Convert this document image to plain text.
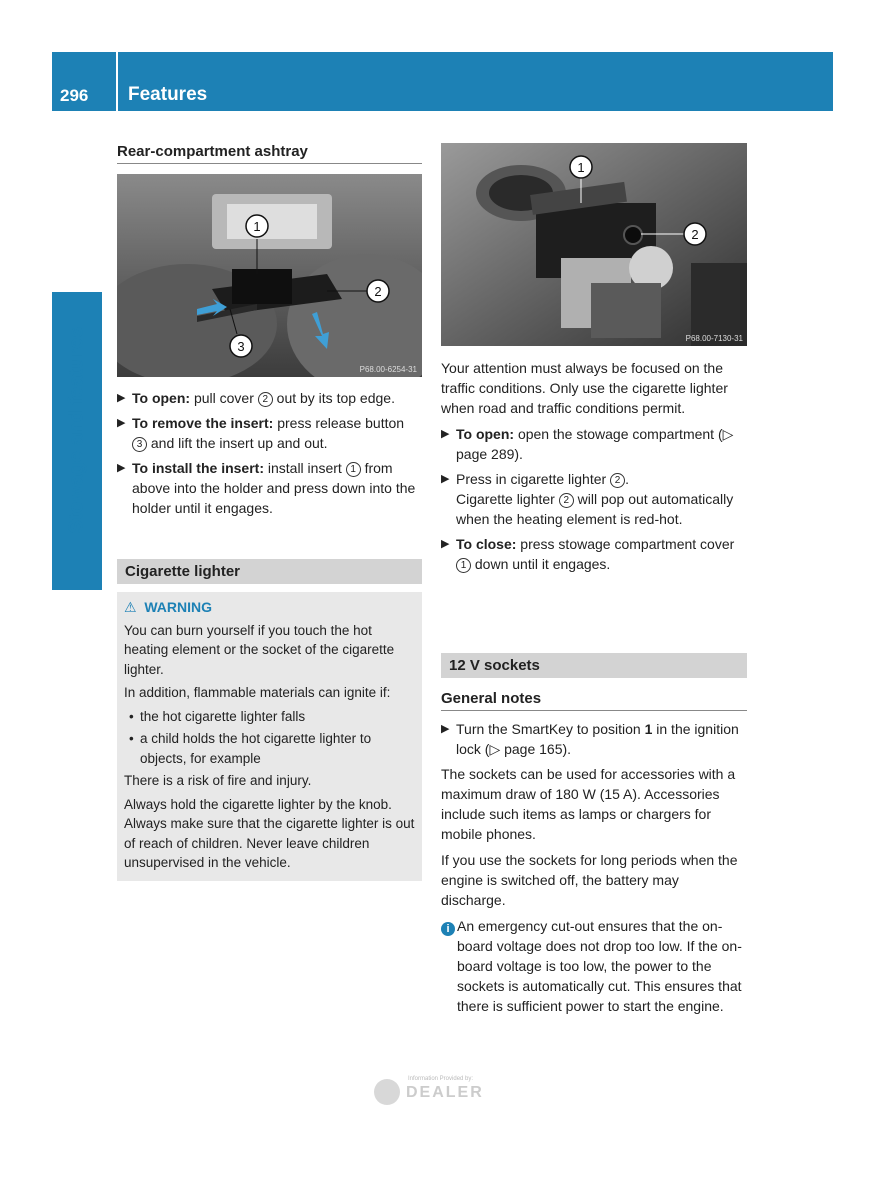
296 Features
Stowage and features
Rear-compartment ashtray
1
2
3
P68.00-6254-31
▶ To open: pull cover 2 out by its top edge.
▶ To remove the insert: press release button 3 and lift the insert up and out.
▶ To install the insert: install insert 1 from above into the holder and press down into the holder until it engages.
Cigarette lighter
⚠ WARNING

You can burn yourself if you touch the hot heating element or the socket of the cigarette lighter.

In addition, flammable materials can ignite if:

• the hot cigarette lighter falls
• a child holds the hot cigarette lighter to objects, for example

There is a risk of fire and injury.

Always hold the cigarette lighter by the knob. Always make sure that the cigarette lighter is out of reach of children. Never leave children unsupervised in the vehicle.

1
2
P68.00-7130-31

Your attention must always be focused on the traffic conditions. Only use the cigarette lighter when road and traffic conditions permit.

▶ To open: open the stowage compartment (▷ page 289).
▶ Press in cigarette lighter 2 .
Cigarette lighter 2 will pop out automatically when the heating element is red-hot.
▶ To close: press stowage compartment cover 1 down until it engages.
12 V sockets
General notes
▶ Turn the SmartKey to position 1 in the ignition lock (▷ page 165).

The sockets can be used for accessories with a maximum draw of 180 W (15 A). Accessories include such items as lamps or chargers for mobile phones.

If you use the sockets for long periods when the engine is switched off, the battery may discharge.

i An emergency cut-out ensures that the on-board voltage does not drop too low. If the on-board voltage is too low, the power to the sockets is automatically cut. This ensures that there is sufficient power to start the engine.
Information Provided by:
DEALER
